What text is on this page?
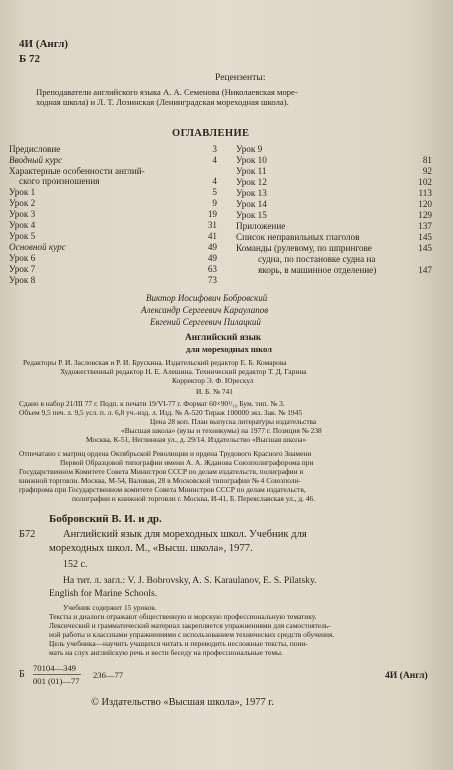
4И (Англ)
Б 72
Рецензенты:
Преподаватели английского языка А. А. Семенова (Николаевская море-
ходная школа) и Л. Т. Лозинская (Ленинградская мореходная школа).
ОГЛАВЛЕНИЕ
Предисловие	3
Вводный курс	4
Характерные особенности англий-
ского произношения	4
Урок 1	5
Урок 2	9
Урок 3	19
Урок 4	31
Урок 5	41
Основной курс	49
Урок 6	49
Урок 7	63
Урок 8	73
Урок 9
Урок 10	81
Урок 11	92
Урок 12	102
Урок 13	113
Урок 14	120
Урок 15	129
Приложение	137
Список неправильных глаголов	145
Команды (рулевому, по шпрингове	145
судна, по постановке судна на
якорь, в машинное отделение)	147
Виктор Иосифович Бобровский
Александр Сергеевич Караулапов
Евгений Сергеевич Пилацкий
Английский язык
для мореходных школ
Редакторы Р. И. Засловская и Р. И. Брускина. Издательский редактор Е. Б. Комарова
Художественный редактор Н. Е. Алешина. Технический редактор Т. Д. Гарина
Корректор Э. Ф. Юрескул
И. Б. № 741
Сдано в набор 21/III 77 г. Подп. к печати 19/VI-77 г. Формат 60×90¹/₁₆ Бум. тип. № 3.
Объем 9,5 печ. л. 9,5 усл. п. л. 6,8 уч.-изд. л. Изд. № А-520 Тираж 100000 экз. Зак. № 1945
Цена 28 коп. План выпуска литературы издательства
«Высшая школа» (вузы и техникумы) на 1977 г. Позиция № 238
Москва, К-51, Неглинная ул., д. 29/14. Издательство «Высшая школа»
Отпечатано с матриц ордена Октябрьской Революции и ордена Трудового Красного Знамени
Первой Образцовой типографии имени А. А. Жданова Союзполиграфпрома при
Государственном Комитете Совета Министров СССР по делам издательств, полиграфии и
книжной торговли. Москва, М-54, Валовая, 28 в Московской типографии № 4 Союзполи-
графпрома при Государственном комитете Совета Министров СССР по делам издательств,
полиграфии и книжной торговли г. Москва, И-41, Б. Переяславская ул., д. 46.
Бобровский В. И. и др.
Б72	Английский язык для мореходных школ. Учебник для
мореходных школ. М., «Высш. школа», 1977.
152 с.
На тит. л. загл.: V. J. Bobrovsky, A. S. Karaulanov, E. S. Pilatsky.
English for Marine Schools.
Учебник содержит 15 уроков.
Тексты и диалоги отражают общественную и морскую профессиональную тематику.
Лексический и грамматический материал закрепляется упражнениями для самостоятель-
ной работы и классными упражнениями с использованием технических средств обучения.
Цель учебника—научить учащихся читать и переводить несложные тексты, пони-
мать на слух английскую речь и вести беседу на профессиональные темы.
Б
70104—349
001 (01)—77
236—77	4И (Англ)
© Издательство «Высшая школа», 1977 г.
